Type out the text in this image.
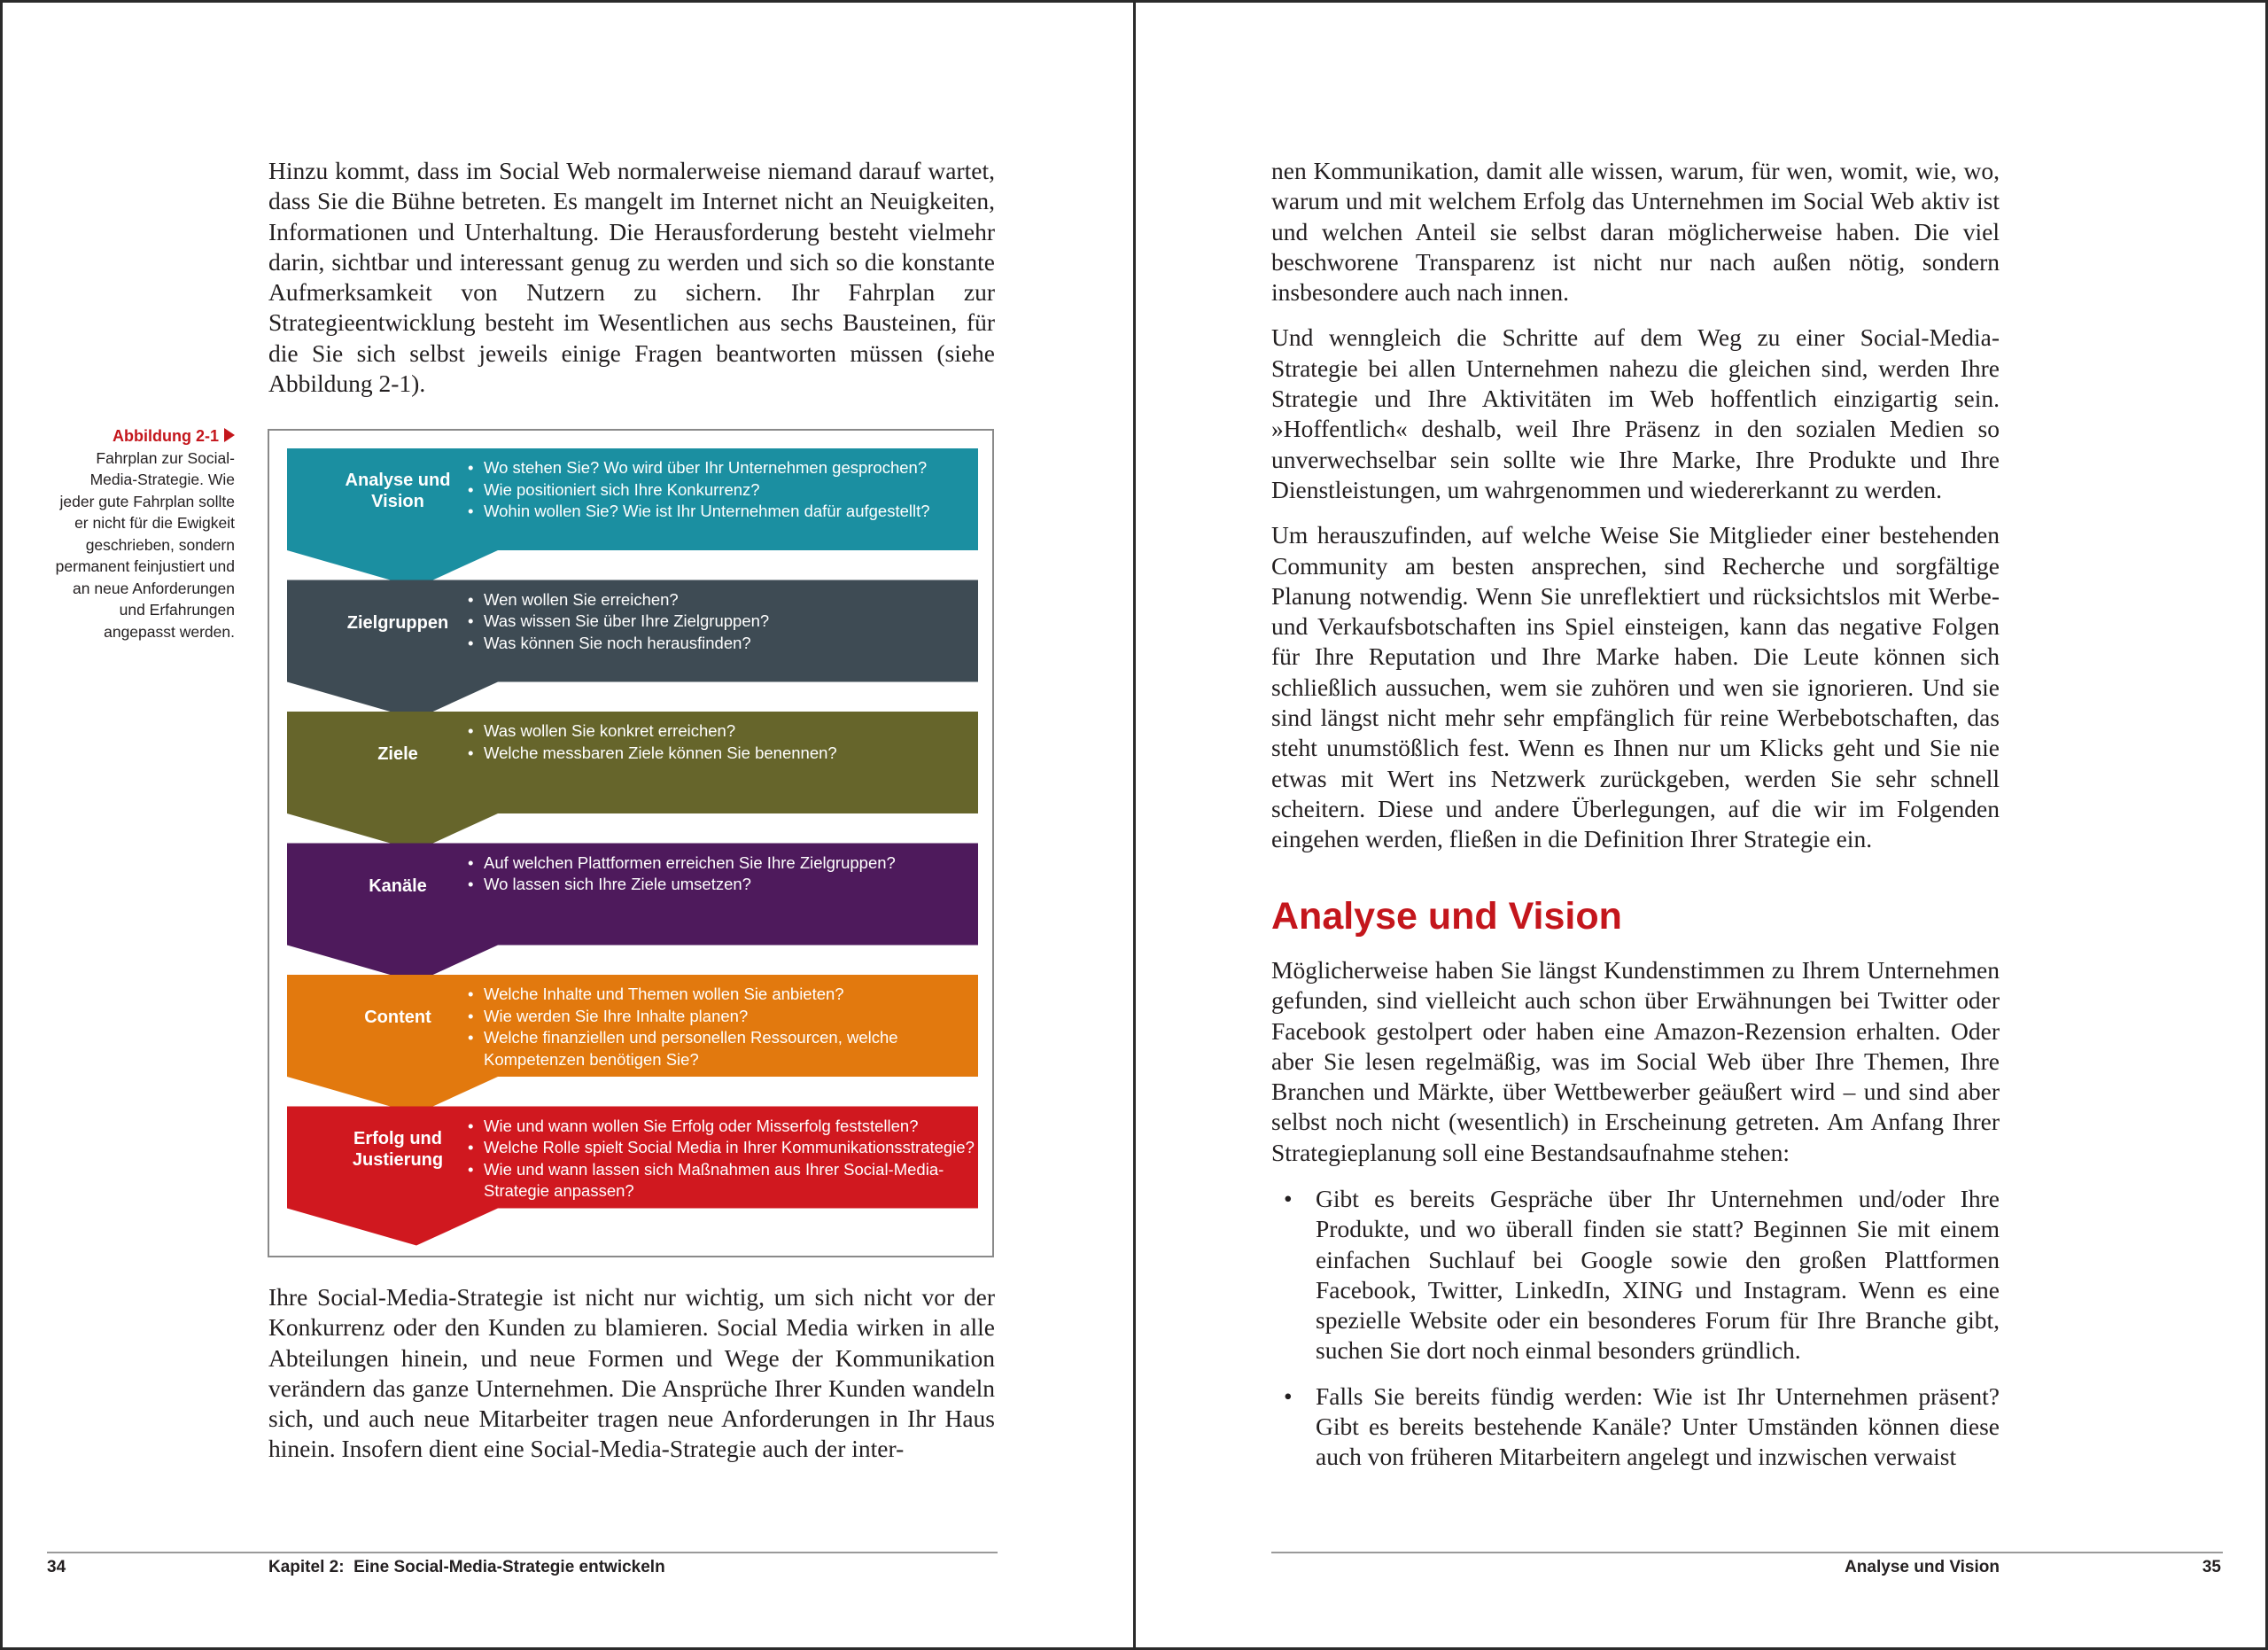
Hinzu kommt, dass im Social Web normalerweise niemand darauf wartet, dass Sie die Bühne betreten. Es mangelt im Internet nicht an Neuigkeiten, Informationen und Unterhaltung. Die Herausforderung besteht vielmehr darin, sichtbar und interessant genug zu werden und sich so die konstante Aufmerksamkeit von Nutzern zu sichern. Ihr Fahrplan zur Strategieentwicklung besteht im Wesentlichen aus sechs Bausteinen, für die Sie sich selbst jeweils einige Fragen beantworten müssen (siehe Abbildung 2-1).

Abbildung 2-1
Fahrplan zur Social-Media-Strategie. Wie jeder gute Fahrplan sollte er nicht für die Ewigkeit geschrieben, sondern permanent feinjustiert und an neue Anforderungen und Erfahrungen angepasst werden.
Analyse und Vision
• Wo stehen Sie? Wo wird über Ihr Unternehmen gesprochen?
• Wie positioniert sich Ihre Konkurrenz?
• Wohin wollen Sie? Wie ist Ihr Unternehmen dafür aufgestellt?
Zielgruppen
• Wen wollen Sie erreichen?
• Was wissen Sie über Ihre Zielgruppen?
• Was können Sie noch herausfinden?
Ziele
• Was wollen Sie konkret erreichen?
• Welche messbaren Ziele können Sie benennen?
Kanäle
• Auf welchen Plattformen erreichen Sie Ihre Zielgruppen?
• Wo lassen sich Ihre Ziele umsetzen?
Content
• Welche Inhalte und Themen wollen Sie anbieten?
• Wie werden Sie Ihre Inhalte planen?
• Welche finanziellen und personellen Ressourcen, welche Kompetenzen benötigen Sie?
Erfolg und Justierung
• Wie und wann wollen Sie Erfolg oder Misserfolg feststellen?
• Welche Rolle spielt Social Media in Ihrer Kommunikationsstrategie?
• Wie und wann lassen sich Maßnahmen aus Ihrer Social-Media-Strategie anpassen?

Ihre Social-Media-Strategie ist nicht nur wichtig, um sich nicht vor der Konkurrenz oder den Kunden zu blamieren. Social Media wirken in alle Abteilungen hinein, und neue Formen und Wege der Kommunikation verändern das ganze Unternehmen. Die Ansprüche Ihrer Kunden wandeln sich, und auch neue Mitarbeiter tragen neue Anforderungen in Ihr Haus hinein. Insofern dient eine Social-Media-Strategie auch der inter-

34	Kapitel 2:  Eine Social-Media-Strategie entwickeln

nen Kommunikation, damit alle wissen, warum, für wen, womit, wie, wo, warum und mit welchem Erfolg das Unternehmen im Social Web aktiv ist und welchen Anteil sie selbst daran möglicherweise haben. Die viel beschworene Transparenz ist nicht nur nach außen nötig, sondern insbesondere auch nach innen.

Und wenngleich die Schritte auf dem Weg zu einer Social-Media-Strategie bei allen Unternehmen nahezu die gleichen sind, werden Ihre Strategie und Ihre Aktivitäten im Web hoffentlich einzigartig sein. »Hoffentlich« deshalb, weil Ihre Präsenz in den sozialen Medien so unverwechselbar sein sollte wie Ihre Marke, Ihre Produkte und Ihre Dienstleistungen, um wahrgenommen und wiedererkannt zu werden.

Um herauszufinden, auf welche Weise Sie Mitglieder einer bestehenden Community am besten ansprechen, sind Recherche und sorgfältige Planung notwendig. Wenn Sie unreflektiert und rücksichtslos mit Werbe- und Verkaufsbotschaften ins Spiel einsteigen, kann das negative Folgen für Ihre Reputation und Ihre Marke haben. Die Leute können sich schließlich aussuchen, wem sie zuhören und wen sie ignorieren. Und sie sind längst nicht mehr sehr empfänglich für reine Werbebotschaften, das steht unumstößlich fest. Wenn es Ihnen nur um Klicks geht und Sie nie etwas mit Wert ins Netzwerk zurückgeben, werden Sie sehr schnell scheitern. Diese und andere Überlegungen, auf die wir im Folgenden eingehen werden, fließen in die Definition Ihrer Strategie ein.

Analyse und Vision

Möglicherweise haben Sie längst Kundenstimmen zu Ihrem Unternehmen gefunden, sind vielleicht auch schon über Erwähnungen bei Twitter oder Facebook gestolpert oder haben eine Amazon-Rezension erhalten. Oder aber Sie lesen regelmäßig, was im Social Web über Ihre Themen, Ihre Branchen und Märkte, über Wettbewerber geäußert wird – und sind aber selbst noch nicht (wesentlich) in Erscheinung getreten. Am Anfang Ihrer Strategieplanung soll eine Bestandsaufnahme stehen:

• Gibt es bereits Gespräche über Ihr Unternehmen und/oder Ihre Produkte, und wo überall finden sie statt? Beginnen Sie mit einem einfachen Suchlauf bei Google sowie den großen Plattformen Facebook, Twitter, LinkedIn, XING und Instagram. Wenn es eine spezielle Website oder ein besonderes Forum für Ihre Branche gibt, suchen Sie dort noch einmal besonders gründlich.
• Falls Sie bereits fündig werden: Wie ist Ihr Unternehmen präsent? Gibt es bereits bestehende Kanäle? Unter Umständen können diese auch von früheren Mitarbeitern angelegt und inzwischen verwaist
Analyse und Vision	35
